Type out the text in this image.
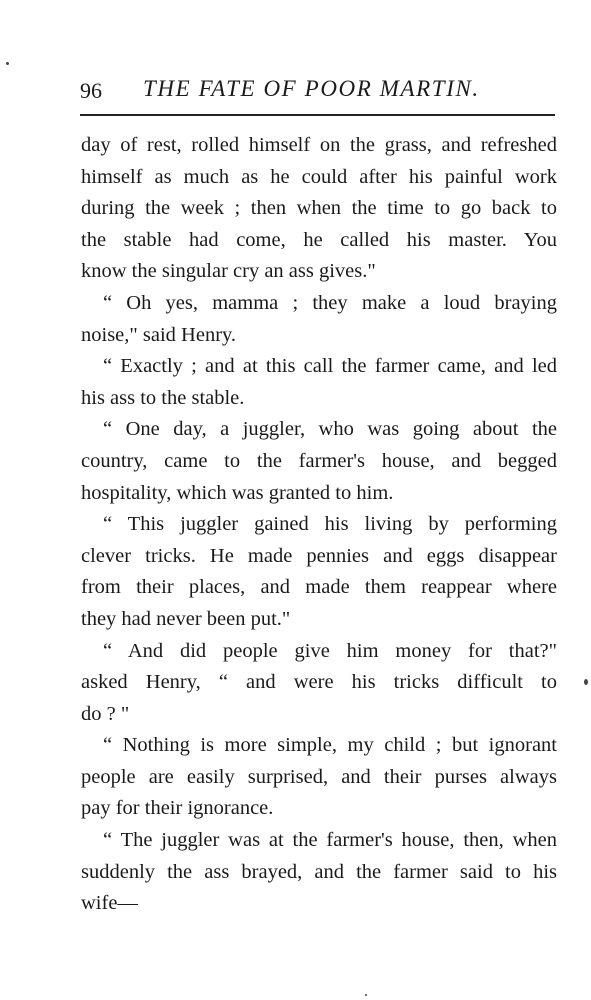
96 THE FATE OF POOR MARTIN.
day of rest, rolled himself on the grass, and refreshed
himself as much as he could after his painful work
during the week ; then when the time to go back to
the stable had come, he called his master. You
know the singular cry an ass gives."
“ Oh yes, mamma ; they make a loud braying
noise," said Henry.
“ Exactly ; and at this call the farmer came, and led
his ass to the stable.
“ One day, a juggler, who was going about the
country, came to the farmer's house, and begged
hospitality, which was granted to him.
“ This juggler gained his living by performing
clever tricks. He made pennies and eggs disappear
from their places, and made them reappear where
they had never been put."
“ And did people give him money for that?"
asked Henry, “ and were his tricks difficult to
do ? "
“ Nothing is more simple, my child ; but ignorant
people are easily surprised, and their purses always
pay for their ignorance.
“ The juggler was at the farmer's house, then, when
suddenly the ass brayed, and the farmer said to his
wife—
